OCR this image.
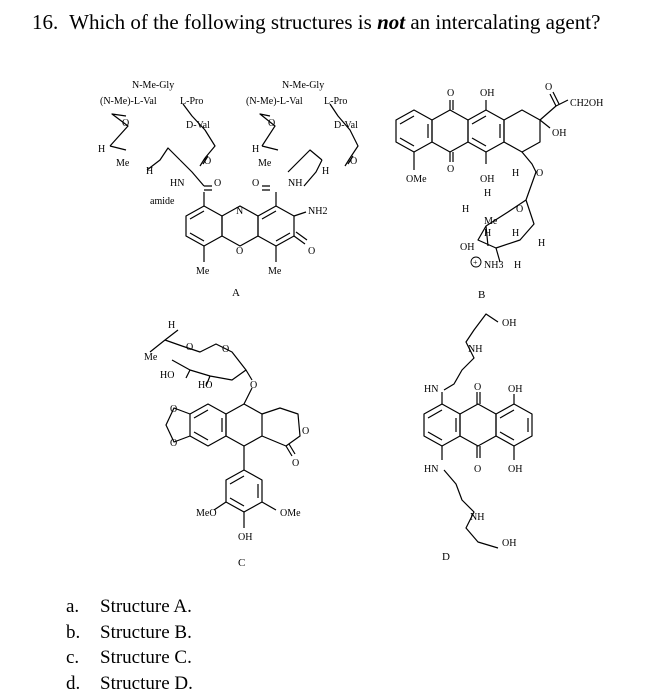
16. Which of the following structures is not an intercalating agent?
N-Me-Gly
(N-Me)-L-Val L-Pro
D-Val
N-Me-Gly
(N-Me)-L-Val L-Pro
D-Val
O	O
H	H
Me	Me
H	H
O	O
HN	NH
amide
O	O
N
O
NH2
O
Me	Me
A
O	OH
O
CH2OH
OH
OMe
O
OH
H O
H
H
Me
O
H H
H
OH
+ NH3 H
B
H
Me
O	O
HO
HO	O
O
O
O
O
MeO	OMe
OH
C
OH
NH
HN	O	OH
HN	O	OH
NH
OH
D
a. Structure A.
b. Structure B.
c. Structure C.
d. Structure D.
